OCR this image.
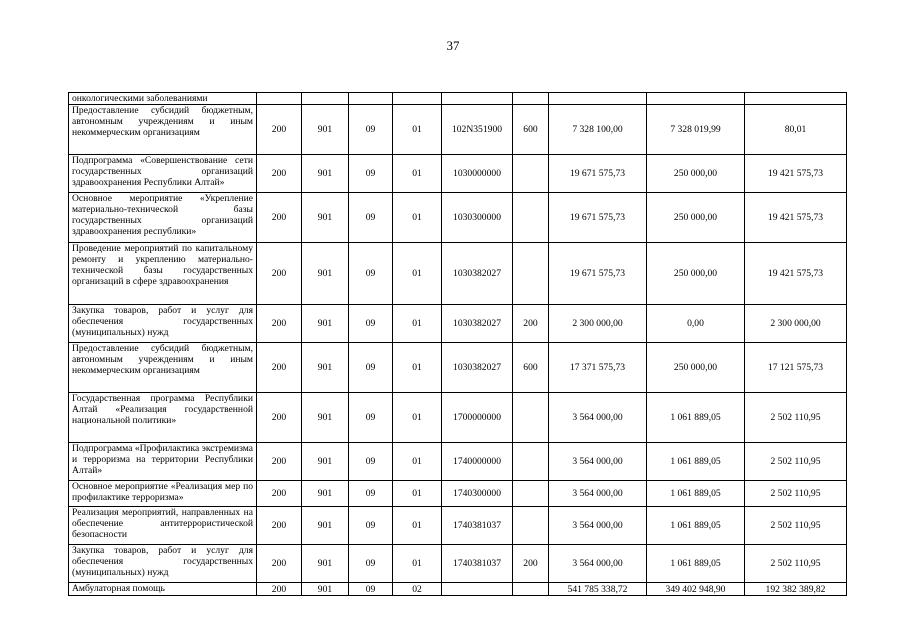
37
онкологическими заболеваниями									
Предоставление субсидий бюджетным, автономным учреждениям и иным некоммерческим организациям	200	901	09	01	102N351900	600	7 328 100,00	7 328 019,99	80,01
Подпрограмма «Совершенствование сети государственных организаций здравоохранения Республики Алтай»	200	901	09	01	1030000000		19 671 575,73	250 000,00	19 421 575,73
Основное мероприятие «Укрепление материально-технической базы государственных организаций здравоохранения республики»	200	901	09	01	1030300000		19 671 575,73	250 000,00	19 421 575,73
Проведение мероприятий по капитальному ремонту и укреплению материально-технической базы государственных организаций в сфере здравоохранения	200	901	09	01	1030382027		19 671 575,73	250 000,00	19 421 575,73
Закупка товаров, работ и услуг для обеспечения государственных (муниципальных) нужд	200	901	09	01	1030382027	200	2 300 000,00	0,00	2 300 000,00
Предоставление субсидий бюджетным, автономным учреждениям и иным некоммерческим организациям	200	901	09	01	1030382027	600	17 371 575,73	250 000,00	17 121 575,73
Государственная программа Республики Алтай «Реализация государственной национальной политики»	200	901	09	01	1700000000		3 564 000,00	1 061 889,05	2 502 110,95
Подпрограмма «Профилактика экстремизма и терроризма на территории Республики Алтай»	200	901	09	01	1740000000		3 564 000,00	1 061 889,05	2 502 110,95
Основное мероприятие «Реализация мер по профилактике терроризма»	200	901	09	01	1740300000		3 564 000,00	1 061 889,05	2 502 110,95
Реализация мероприятий, направленных на обеспечение антитеррористической безопасности	200	901	09	01	1740381037		3 564 000,00	1 061 889,05	2 502 110,95
Закупка товаров, работ и услуг для обеспечения государственных (муниципальных) нужд	200	901	09	01	1740381037	200	3 564 000,00	1 061 889,05	2 502 110,95
Амбулаторная помощь	200	901	09	02			541 785 338,72	349 402 948,90	192 382 389,82
